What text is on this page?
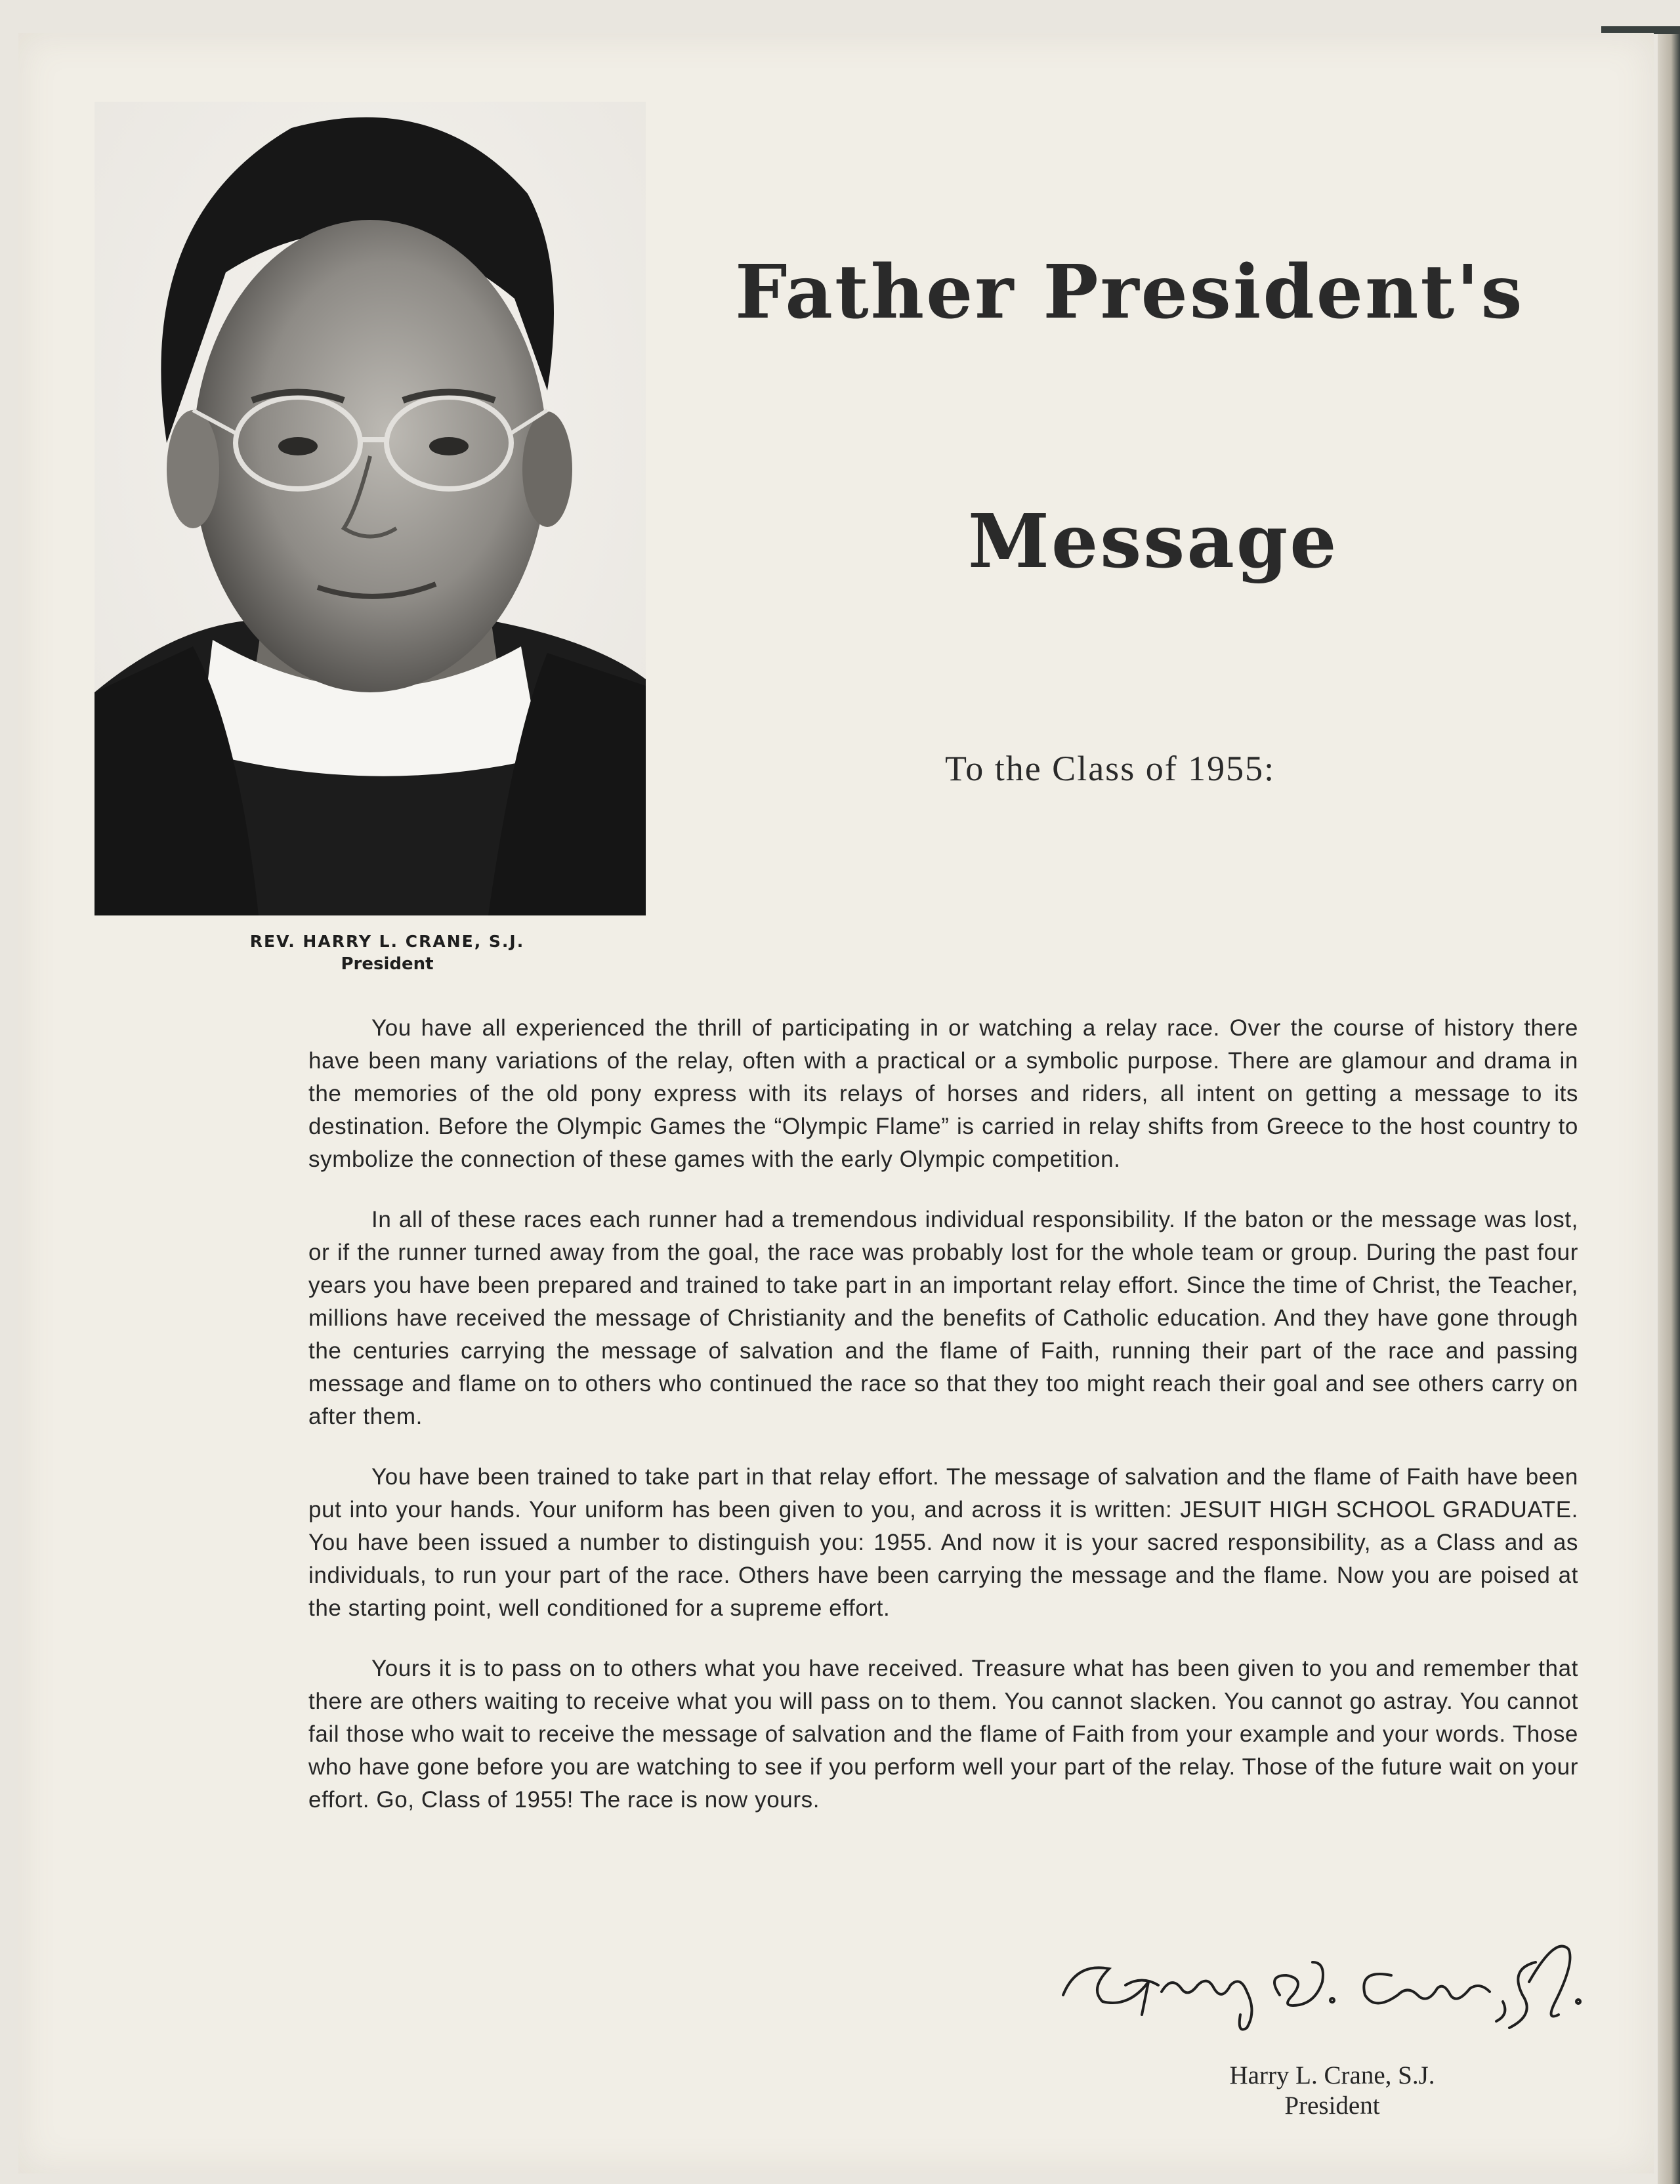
REV. HARRY L. CRANE, S.J.
President
Father President's
Message
To the Class of 1955:

You have all experienced the thrill of participating in or watching a relay race. Over the course of history there have been many variations of the relay, often with a practical or a symbolic purpose. There are glamour and drama in the memories of the old pony express with its relays of horses and riders, all intent on getting a message to its destination. Before the Olympic Games the “Olympic Flame” is carried in relay shifts from Greece to the host country to symbolize the connection of these games with the early Olympic competition.

In all of these races each runner had a tremendous individual responsibility. If the baton or the message was lost, or if the runner turned away from the goal, the race was probably lost for the whole team or group. During the past four years you have been prepared and trained to take part in an important relay effort. Since the time of Christ, the Teacher, millions have received the message of Christianity and the benefits of Catholic education. And they have gone through the centuries carrying the message of salvation and the flame of Faith, running their part of the race and passing message and flame on to others who continued the race so that they too might reach their goal and see others carry on after them.

You have been trained to take part in that relay effort. The message of salvation and the flame of Faith have been put into your hands. Your uniform has been given to you, and across it is written: JESUIT HIGH SCHOOL GRADUATE. You have been issued a number to distinguish you: 1955. And now it is your sacred responsibility, as a Class and as individuals, to run your part of the race. Others have been carrying the message and the flame. Now you are poised at the starting point, well conditioned for a supreme effort.

Yours it is to pass on to others what you have received. Treasure what has been given to you and remember that there are others waiting to receive what you will pass on to them. You cannot slacken. You cannot go astray. You cannot fail those who wait to receive the message of salvation and the flame of Faith from your example and your words. Those who have gone before you are watching to see if you perform well your part of the relay. Those of the future wait on your effort. Go, Class of 1955! The race is now yours.

Harry L. Crane, S.J.
President
